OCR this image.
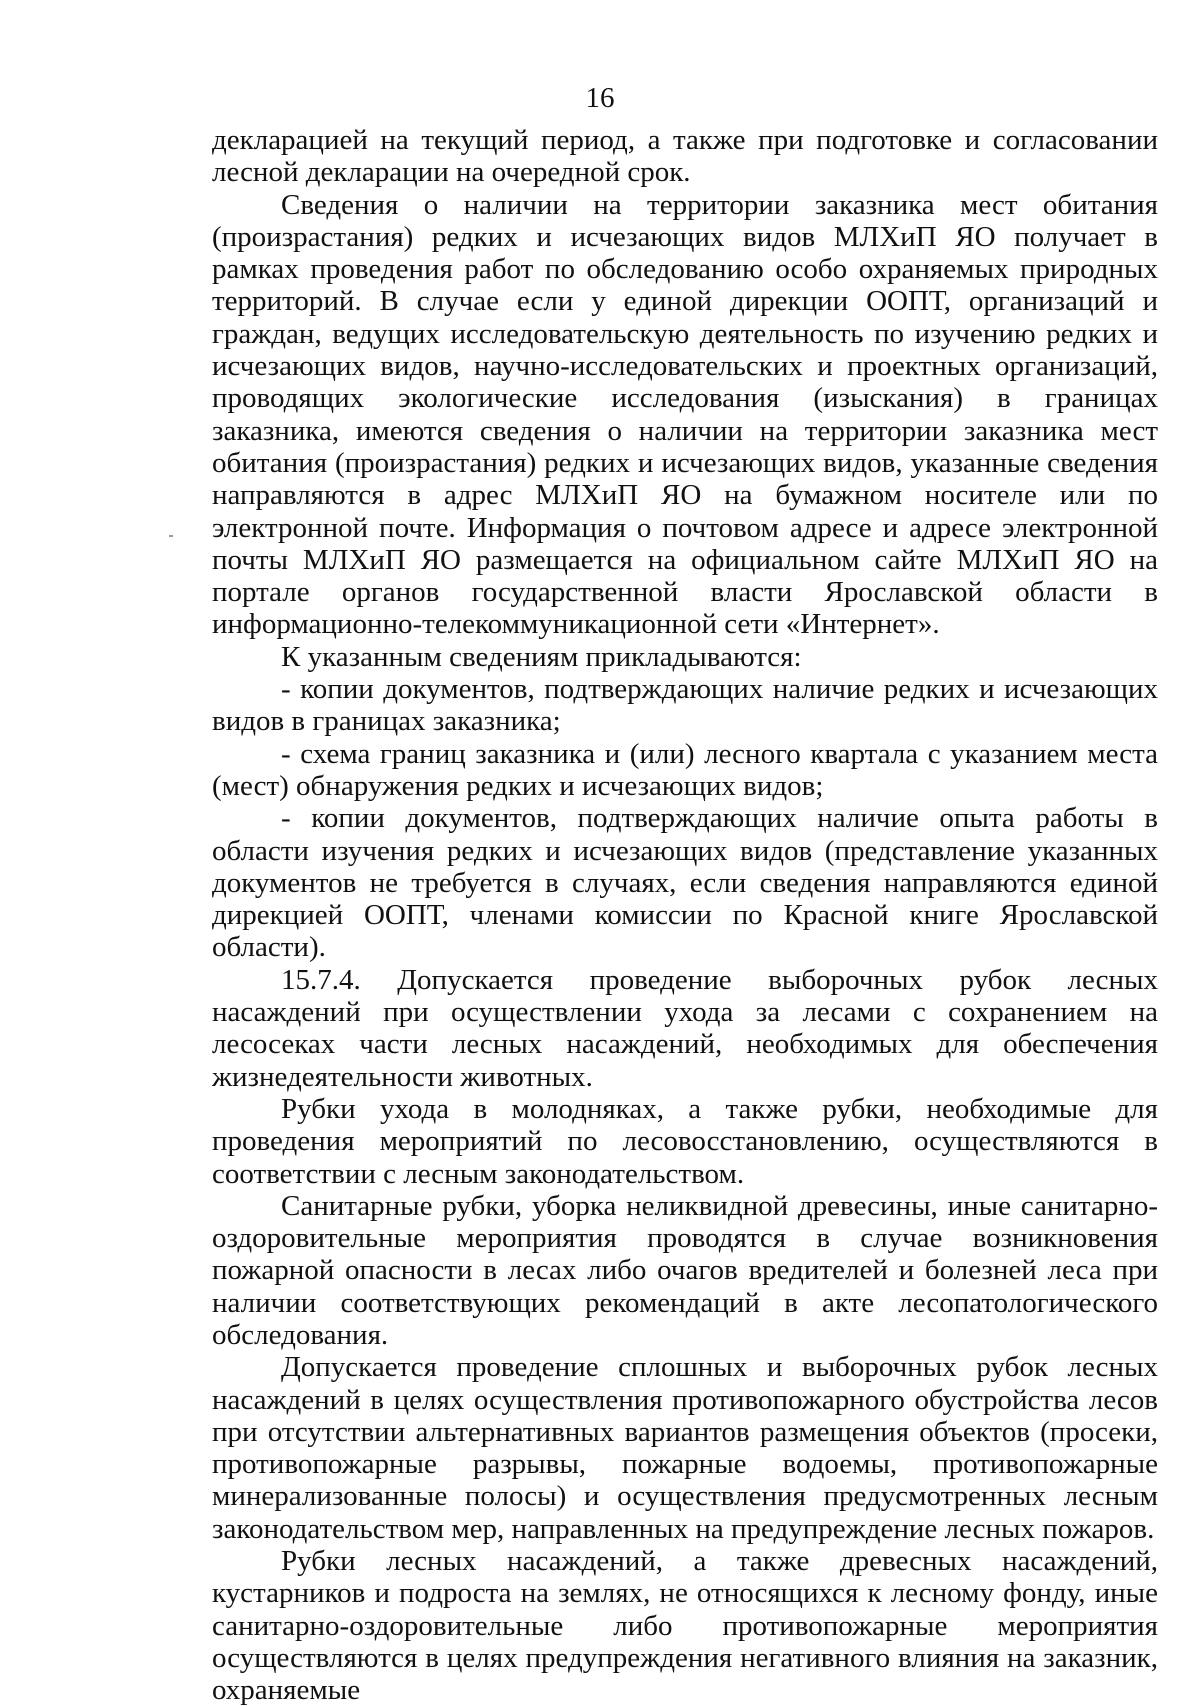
16

декларацией на текущий период, а также при подготовке и согласовании лесной декларации на очередной срок.

Сведения о наличии на территории заказника мест обитания (произрастания) редких и исчезающих видов МЛХиП ЯО получает в рамках проведения работ по обследованию особо охраняемых природных территорий. В случае если у единой дирекции ООПТ, организаций и граждан, ведущих исследовательскую деятельность по изучению редких и исчезающих видов, научно-исследовательских и проектных организаций, проводящих экологические исследования (изыскания) в границах заказника, имеются сведения о наличии на территории заказника мест обитания (произрастания) редких и исчезающих видов, указанные сведения направляются в адрес МЛХиП ЯО на бумажном носителе или по электронной почте. Информация о почтовом адресе и адресе электронной почты МЛХиП ЯО размещается на официальном сайте МЛХиП ЯО на портале органов государственной власти Ярославской области в информационно-телекоммуникационной сети «Интернет».

К указанным сведениям прикладываются:

- копии документов, подтверждающих наличие редких и исчезающих видов в границах заказника;

- схема границ заказника и (или) лесного квартала с указанием места (мест) обнаружения редких и исчезающих видов;

- копии документов, подтверждающих наличие опыта работы в области изучения редких и исчезающих видов (представление указанных документов не требуется в случаях, если сведения направляются единой дирекцией ООПТ, членами комиссии по Красной книге Ярославской области).

15.7.4. Допускается проведение выборочных рубок лесных насаждений при осуществлении ухода за лесами с сохранением на лесосеках части лесных насаждений, необходимых для обеспечения жизнедеятельности животных.

Рубки ухода в молодняках, а также рубки, необходимые для проведения мероприятий по лесовосстановлению, осуществляются в соответствии с лесным законодательством.

Санитарные рубки, уборка неликвидной древесины, иные санитарно-оздоровительные мероприятия проводятся в случае возникновения пожарной опасности в лесах либо очагов вредителей и болезней леса при наличии соответствующих рекомендаций в акте лесопатологического обследования.

Допускается проведение сплошных и выборочных рубок лесных насаждений в целях осуществления противопожарного обустройства лесов при отсутствии альтернативных вариантов размещения объектов (просеки, противопожарные разрывы, пожарные водоемы, противопожарные минерализованные полосы) и осуществления предусмотренных лесным законодательством мер, направленных на предупреждение лесных пожаров.

Рубки лесных насаждений, а также древесных насаждений, кустарников и подроста на землях, не относящихся к лесному фонду, иные санитарно-оздоровительные либо противопожарные мероприятия осуществляются в целях предупреждения негативного влияния на заказник, охраняемые
